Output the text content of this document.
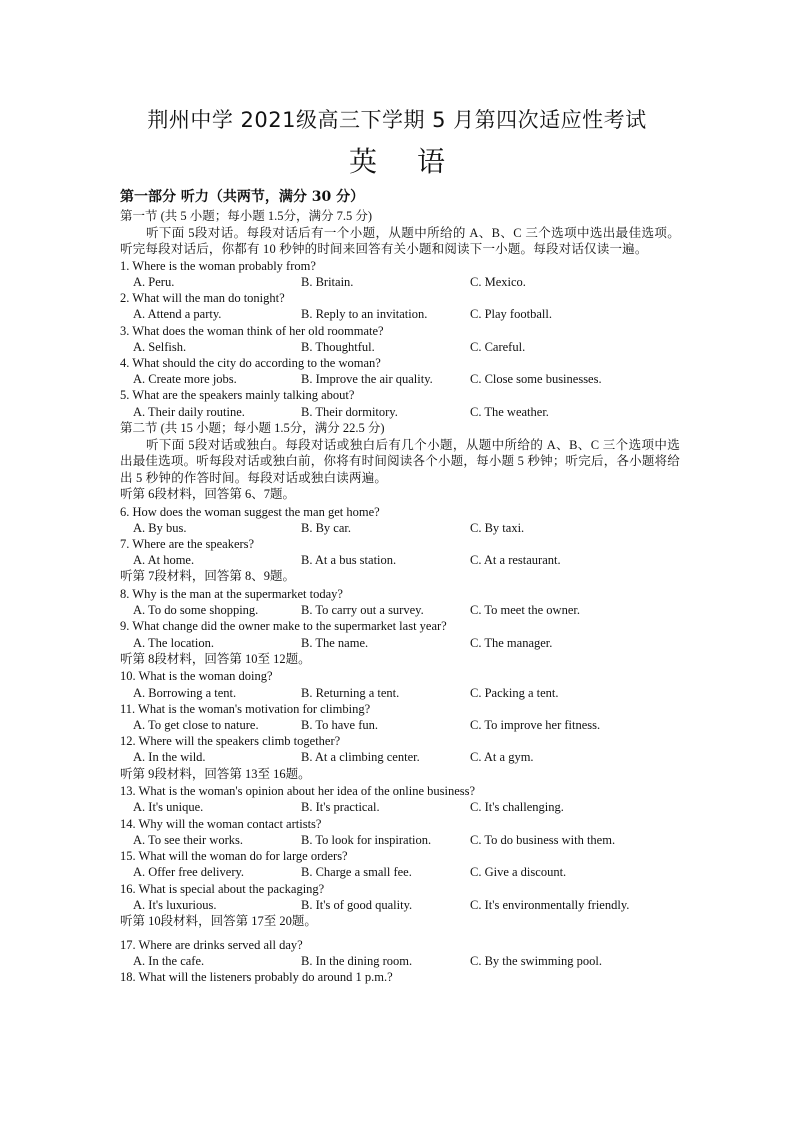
荆州中学 2021级高三下学期 5 月第四次适应性考试
英语
第一部分 听力（共两节，满分 30 分）
第一节 (共 5 小题；每小题 1.5分，满分 7.5 分)
听下面 5段对话。每段对话后有一个小题，从题中所给的 A、B、C 三个选项中选出最佳选项。听完每段对话后，你都有 10 秒钟的时间来回答有关小题和阅读下一小题。每段对话仅读一遍。
1. Where is the woman probably from?
A. Peru.	B. Britain.	C. Mexico.
2. What will the man do tonight?
A. Attend a party.	B. Reply to an invitation.	C. Play football.
3. What does the woman think of her old roommate?
A. Selfish.	B. Thoughtful.	C. Careful.
4. What should the city do according to the woman?
A. Create more jobs.	B. Improve the air quality.	C. Close some businesses.
5. What are the speakers mainly talking about?
A. Their daily routine.	B. Their dormitory.	C. The weather.
第二节 (共 15 小题；每小题 1.5分，满分 22.5 分)
听下面 5段对话或独白。每段对话或独白后有几个小题，从题中所给的 A、B、C 三个选项中选出最佳选项。听每段对话或独白前，你将有时间阅读各个小题，每小题 5 秒钟；听完后，各小题将给出 5 秒钟的作答时间。每段对话或独白读两遍。
听第 6段材料，回答第 6、7题。
6. How does the woman suggest the man get home?
A. By bus.	B. By car.	C. By taxi.
7. Where are the speakers?
A. At home.	B. At a bus station.	C. At a restaurant.
听第 7段材料，回答第 8、9题。
8. Why is the man at the supermarket today?
A. To do some shopping.	B. To carry out a survey.	C. To meet the owner.
9. What change did the owner make to the supermarket last year?
A. The location.	B. The name.	C. The manager.
听第 8段材料，回答第 10至 12题。
10. What is the woman doing?
A. Borrowing a tent.	B. Returning a tent.	C. Packing a tent.
11. What is the woman's motivation for climbing?
A. To get close to nature.	B. To have fun.	C. To improve her fitness.
12. Where will the speakers climb together?
A. In the wild.	B. At a climbing center.	C. At a gym.
听第 9段材料，回答第 13至 16题。
13. What is the woman's opinion about her idea of the online business?
A. It's unique.	B. It's practical.	C. It's challenging.
14. Why will the woman contact artists?
A. To see their works.	B. To look for inspiration.	C. To do business with them.
15. What will the woman do for large orders?
A. Offer free delivery.	B. Charge a small fee.	C. Give a discount.
16. What is special about the packaging?
A. It's luxurious.	B. It's of good quality.	C. It's environmentally friendly.
听第 10段材料，回答第 17至 20题。
17. Where are drinks served all day?
A. In the cafe.	B. In the dining room.	C. By the swimming pool.
18. What will the listeners probably do around 1 p.m.?
